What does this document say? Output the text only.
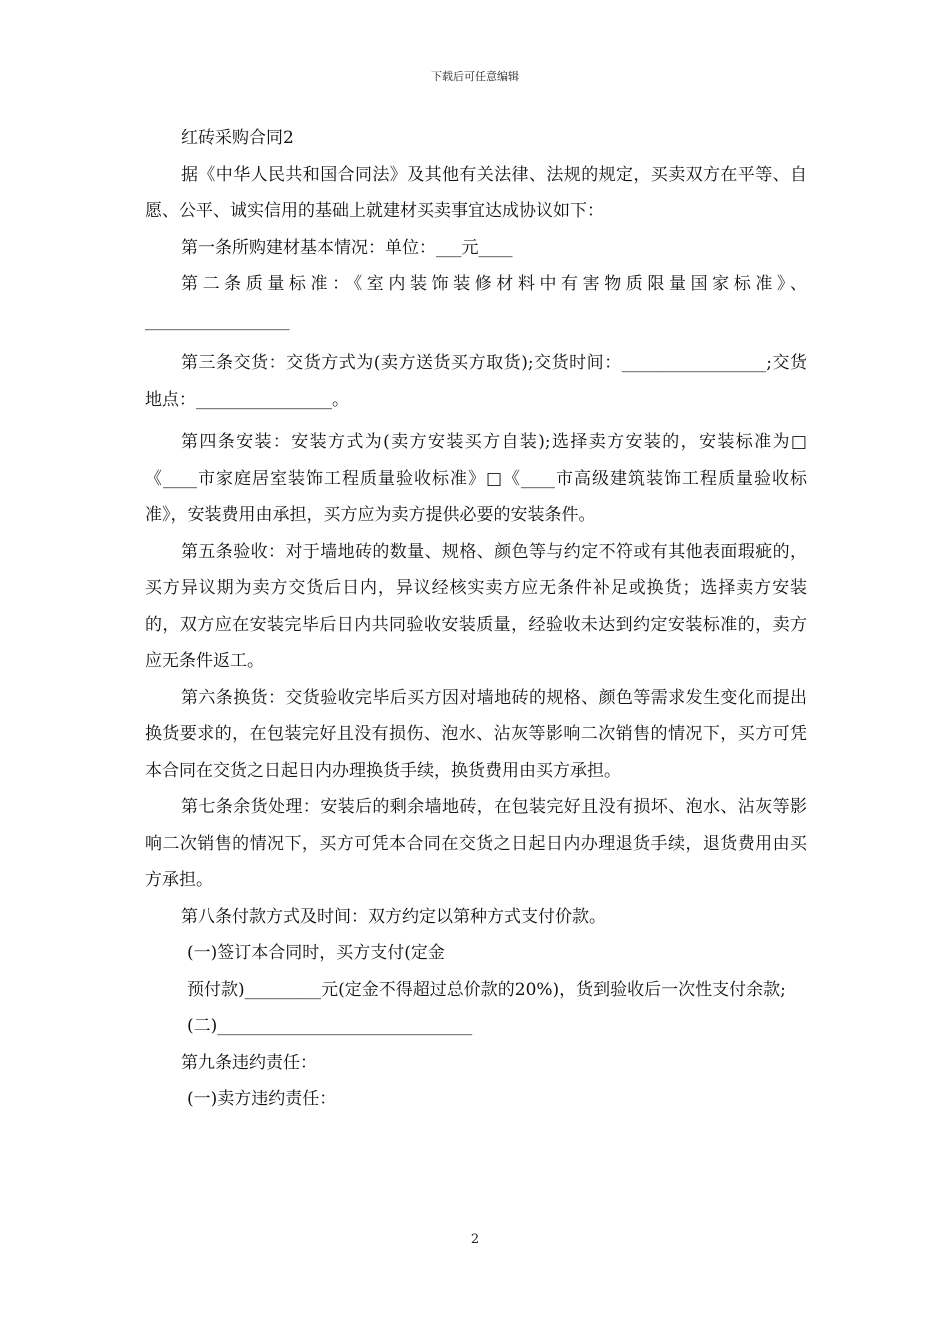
下载后可任意编辑

红砖采购合同2

据《中华人民共和国合同法》及其他有关法律、法规的规定，买卖双方在平等、自愿、公平、诚实信用的基础上就建材买卖事宜达成协议如下：

第一条所购建材基本情况：单位：___元____

第二条质量标准：《室内装饰装修材料中有害物质限量国家标准》、_________________

第三条交货：交货方式为(卖方送货买方取货);交货时间：_________________;交货地点：________________。

第四条安装：安装方式为(卖方安装买方自装);选择卖方安装的，安装标准为□《____市家庭居室装饰工程质量验收标准》□《____市高级建筑装饰工程质量验收标准》，安装费用由承担，买方应为卖方提供必要的安装条件。

第五条验收：对于墙地砖的数量、规格、颜色等与约定不符或有其他表面瑕疵的，买方异议期为卖方交货后日内，异议经核实卖方应无条件补足或换货；选择卖方安装的，双方应在安装完毕后日内共同验收安装质量，经验收未达到约定安装标准的，卖方应无条件返工。

第六条换货：交货验收完毕后买方因对墙地砖的规格、颜色等需求发生变化而提出换货要求的，在包装完好且没有损伤、泡水、沾灰等影响二次销售的情况下，买方可凭本合同在交货之日起日内办理换货手续，换货费用由买方承担。

第七条余货处理：安装后的剩余墙地砖，在包装完好且没有损坏、泡水、沾灰等影响二次销售的情况下，买方可凭本合同在交货之日起日内办理退货手续，退货费用由买方承担。

第八条付款方式及时间：双方约定以第种方式支付价款。

(一)签订本合同时，买方支付(定金

预付款)_________元(定金不得超过总价款的20%)，货到验收后一次性支付余款;

(二)______________________________

第九条违约责任：

(一)卖方违约责任：

2
